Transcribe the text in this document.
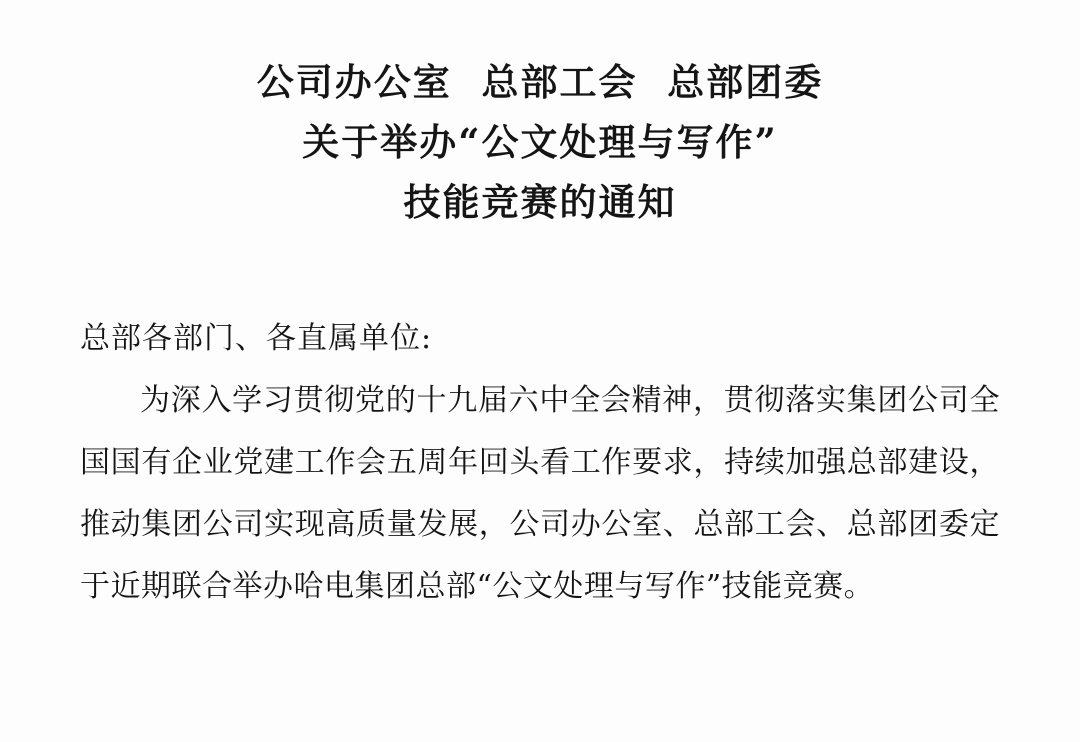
公司办公室  总部工会  总部团委
关于举办“公文处理与写作”
技能竞赛的通知
总部各部门、各直属单位:

为深入学习贯彻党的十九届六中全会精神，贯彻落实集团公司全国国有企业党建工作会五周年回头看工作要求，持续加强总部建设，推动集团公司实现高质量发展，公司办公室、总部工会、总部团委定于近期联合举办哈电集团总部“公文处理与写作”技能竞赛。
